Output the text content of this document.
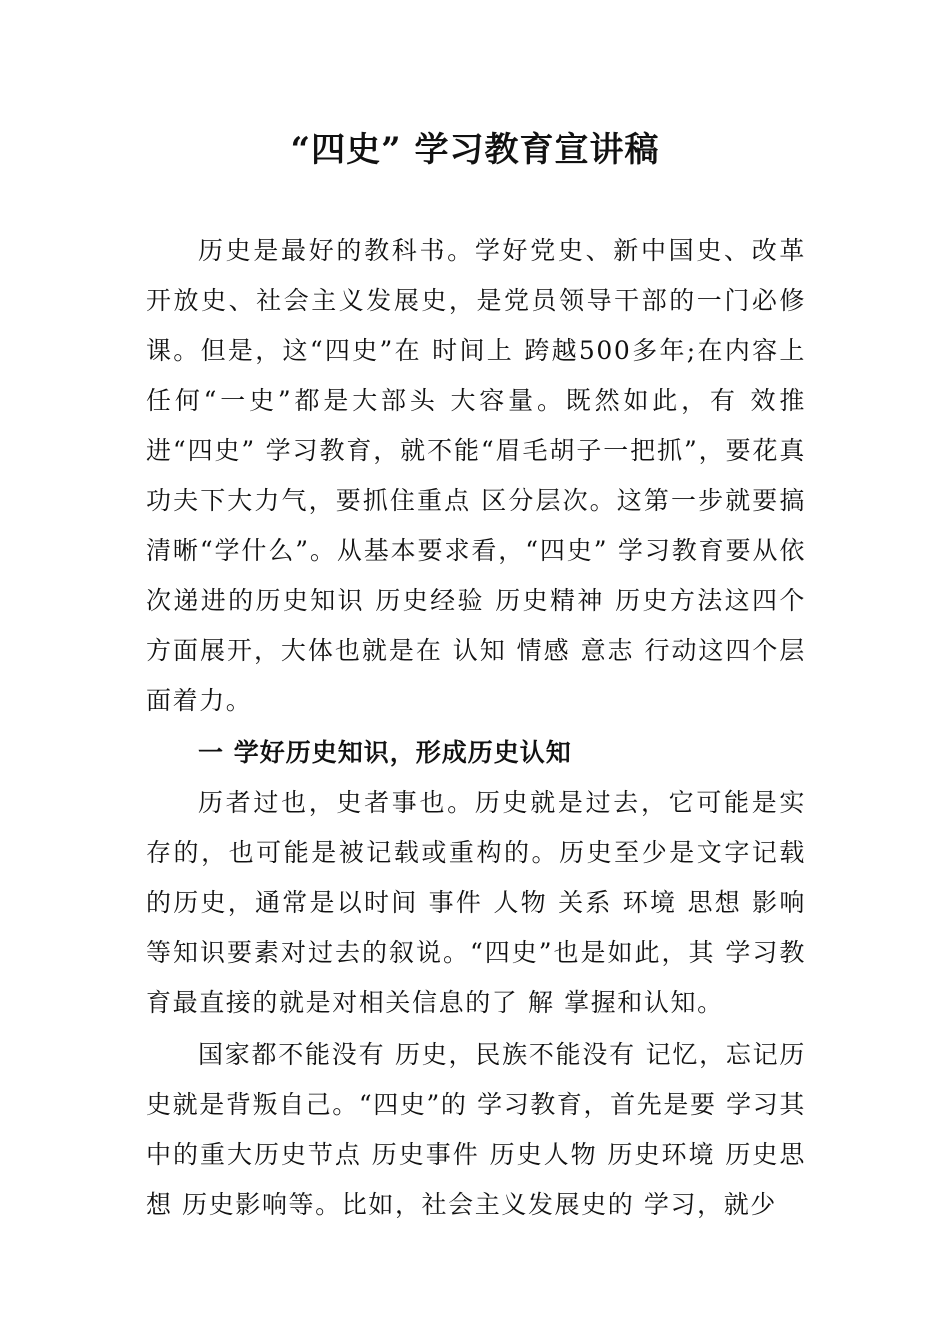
“四史” 学习教育宣讲稿

历史是最好的教科书。学好党史、新中国史、改革开放史、社会主义发展史，是党员领导干部的一门必修课。但是，这“四史”在 时间上 跨越500多年;在内容上 任何“一史”都是大部头 大容量。既然如此，有 效推进“四史” 学习教育，就不能“眉毛胡子一把抓”，要花真功夫下大力气，要抓住重点 区分层次。这第一步就要搞清晰“学什么”。从基本要求看，“四史” 学习教育要从依次递进的历史知识 历史经验 历史精神 历史方法这四个方面展开，大体也就是在 认知 情感 意志 行动这四个层面着力。

一 学好历史知识，形成历史认知

历者过也，史者事也。历史就是过去，它可能是实存的，也可能是被记载或重构的。历史至少是文字记载的历史，通常是以时间 事件 人物 关系 环境 思想 影响等知识要素对过去的叙说。“四史”也是如此，其 学习教育最直接的就是对相关信息的了 解 掌握和认知。

国家都不能没有 历史，民族不能没有 记忆，忘记历史就是背叛自己。“四史”的 学习教育，首先是要 学习其 中的重大历史节点 历史事件 历史人物 历史环境 历史思想 历史影响等。比如，社会主义发展史的 学习，就少
